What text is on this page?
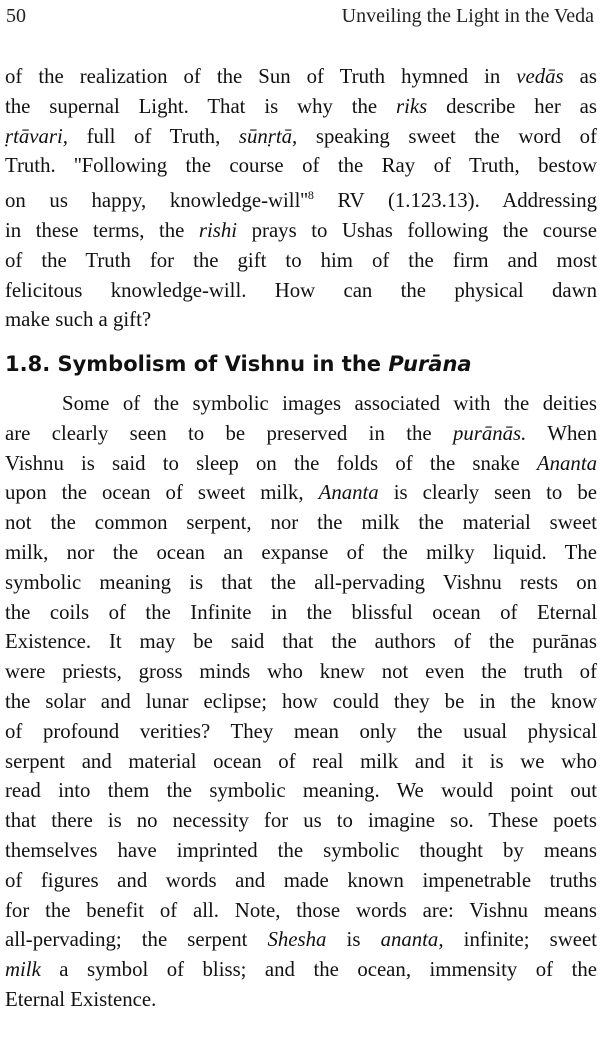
50	Unveiling the Light in the Veda

of the realization of the Sun of Truth hymned in vedās as
the supernal Light. That is why the riks describe her as
ṛtāvari, full of Truth, sūnṛtā, speaking sweet the word of
Truth. ''Following the course of the Ray of Truth, bestow
on us happy, knowledge-$will''^8$ RV (1.123.13). Addressing
in these terms, the rishi prays to Ushas following the course
of the Truth for the gift to him of the firm and most
felicitous knowledge-will. How can the physical dawn
make such a gift?

1.8. Symbolism of Vishnu in the Purāna

Some of the symbolic images associated with the deities
are clearly seen to be preserved in the purānās. When
Vishnu is said to sleep on the folds of the snake Ananta
upon the ocean of sweet milk, Ananta is clearly seen to be
not the common serpent, nor the milk the material sweet
milk, nor the ocean an expanse of the milky liquid. The
symbolic meaning is that the all-pervading Vishnu rests on
the coils of the Infinite in the blissful ocean of Eternal
Existence. It may be said that the authors of the purānas
were priests, gross minds who knew not even the truth of
the solar and lunar eclipse; how could they be in the know
of profound verities? They mean only the usual physical
serpent and material ocean of real milk and it is we who
read into them the symbolic meaning. We would point out
that there is no necessity for us to imagine so. These poets
themselves have imprinted the symbolic thought by means
of figures and words and made known impenetrable truths
for the benefit of all. Note, those words are: Vishnu means
all-pervading; the serpent Shesha is ananta, infinite; sweet
milk a symbol of bliss; and the ocean, immensity of the
Eternal Existence.
